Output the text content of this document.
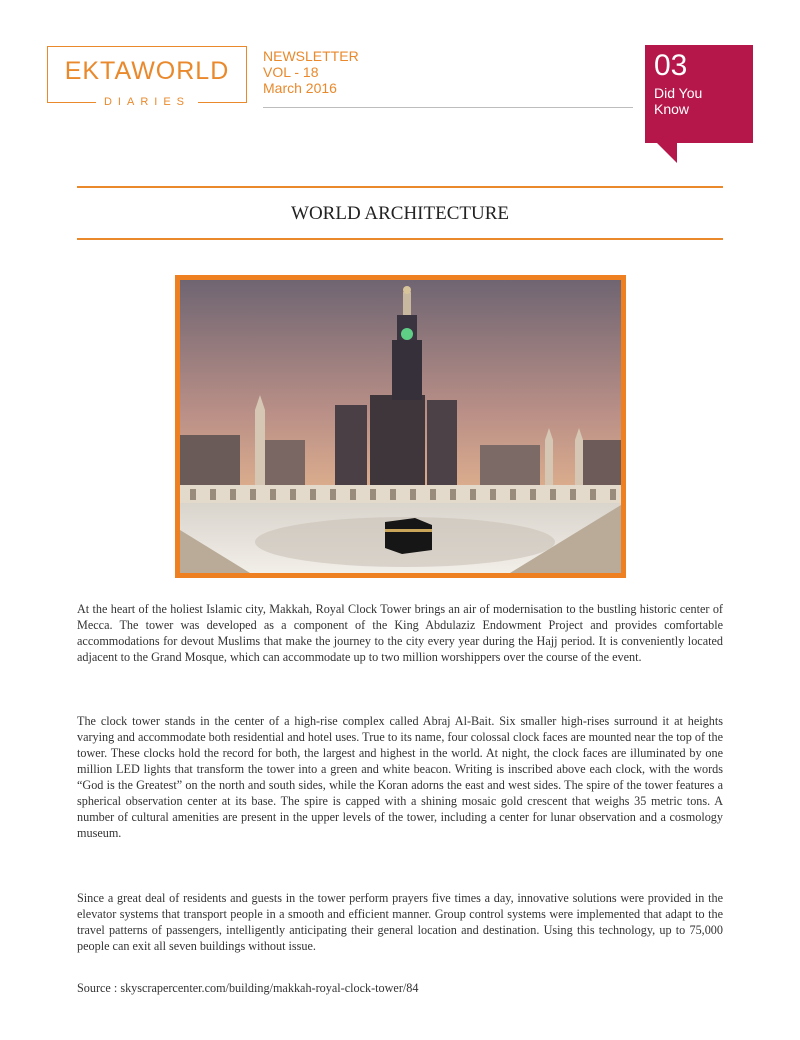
EKTAWORLD
DIARIES
NEWSLETTER
VOL - 18
March 2016
03
Did You
Know
WORLD ARCHITECTURE
At the heart of the holiest Islamic city, Makkah, Royal Clock Tower brings an air of modernisation to the bustling historic center of Mecca. The tower was developed as a component of the King Abdulaziz Endowment Project and provides comfortable accommodations for devout Muslims that make the journey to the city every year during the Hajj period. It is conveniently located adjacent to the Grand Mosque, which can accommodate up to two million worshippers over the course of the event.
The clock tower stands in the center of a high-rise complex called Abraj Al-Bait. Six smaller high-rises surround it at heights varying and accommodate both residential and hotel uses. True to its name, four colossal clock faces are mounted near the top of the tower. These clocks hold the record for both, the largest and highest in the world. At night, the clock faces are illuminated by one million LED lights that transform the tower into a green and white beacon. Writing is inscribed above each clock, with the words “God is the Greatest” on the north and south sides, while the Koran adorns the east and west sides. The spire of the tower features a spherical observation center at its base. The spire is capped with a shining mosaic gold crescent that weighs 35 metric tons. A number of cultural amenities are present in the upper levels of the tower, including a center for lunar observation and a cosmology museum.
Since a great deal of residents and guests in the tower perform prayers five times a day, innovative solutions were provided in the elevator systems that transport people in a smooth and efficient manner. Group control systems were implemented that adapt to the travel patterns of passengers, intelligently anticipating their general location and destination. Using this technology, up to 75,000 people can exit all seven buildings without issue.
Source : skyscrapercenter.com/building/makkah-royal-clock-tower/84
